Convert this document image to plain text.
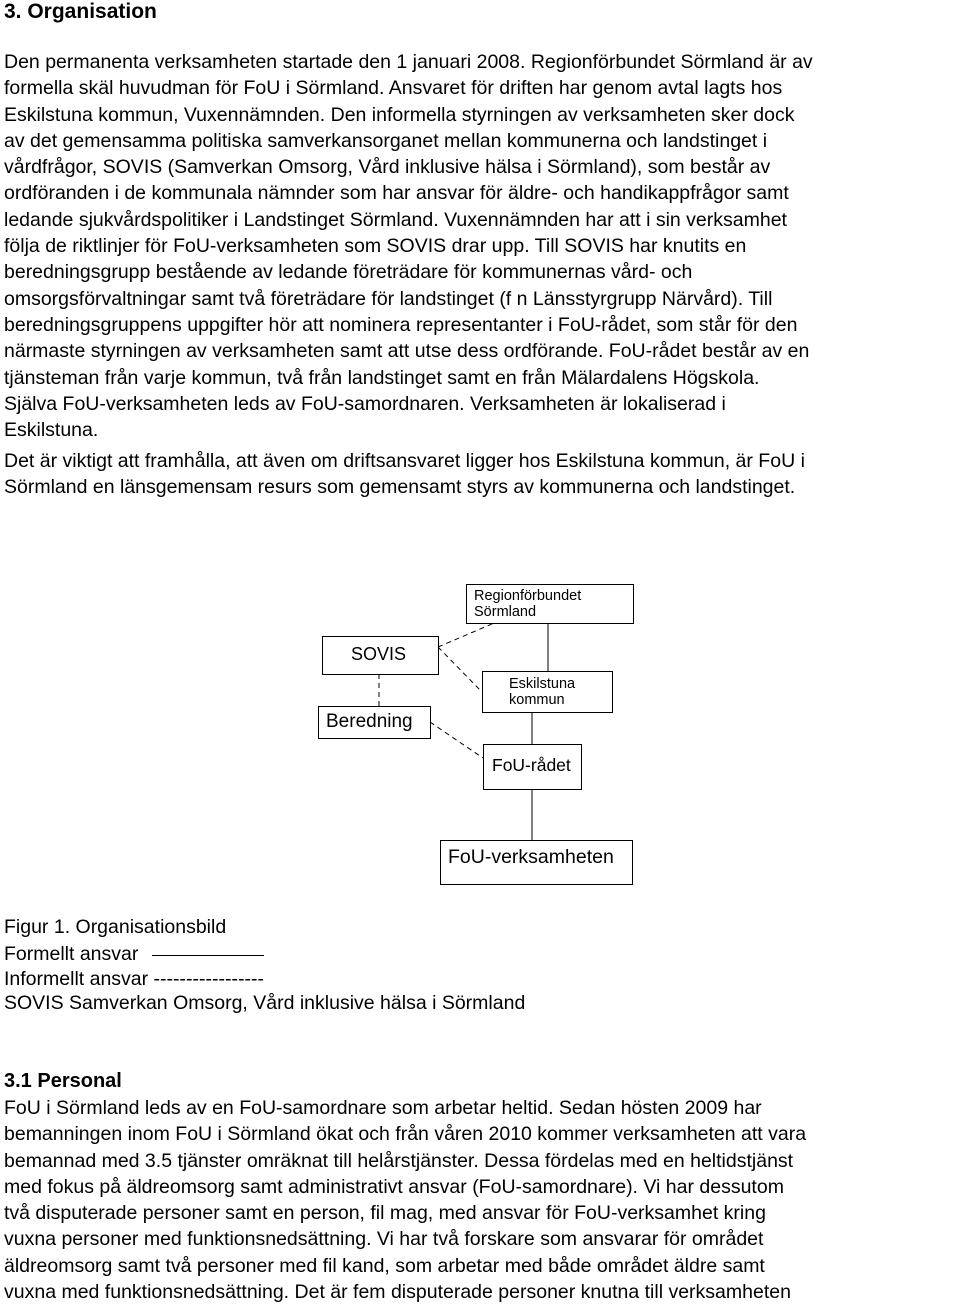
3. Organisation
Den permanenta verksamheten startade den 1 januari 2008. Regionförbundet Sörmland är av
formella skäl huvudman för FoU i Sörmland. Ansvaret för driften har genom avtal lagts hos
Eskilstuna kommun, Vuxennämnden. Den informella styrningen av verksamheten sker dock
av det gemensamma politiska samverkansorganet mellan kommunerna och landstinget i
vårdfrågor, SOVIS (Samverkan Omsorg, Vård inklusive hälsa i Sörmland), som består av
ordföranden i de kommunala nämnder som har ansvar för äldre- och handikappfrågor samt
ledande sjukvårdspolitiker i Landstinget Sörmland. Vuxennämnden har att i sin verksamhet
följa de riktlinjer för FoU-verksamheten som SOVIS drar upp. Till SOVIS har knutits en
beredningsgrupp bestående av ledande företrädare för kommunernas vård- och
omsorgsförvaltningar samt två företrädare för landstinget (f n Länsstyrgrupp Närvård). Till
beredningsgruppens uppgifter hör att nominera representanter i FoU-rådet, som står för den
närmaste styrningen av verksamheten samt att utse dess ordförande. FoU-rådet består av en
tjänsteman från varje kommun, två från landstinget samt en från Mälardalens Högskola.
Själva FoU-verksamheten leds av FoU-samordnaren. Verksamheten är lokaliserad i
Eskilstuna.
Det är viktigt att framhålla, att även om driftsansvaret ligger hos Eskilstuna kommun, är FoU i
Sörmland en länsgemensam resurs som gemensamt styrs av kommunerna och landstinget.
Regionförbundet
Sörmland
SOVIS
Eskilstuna
kommun
Beredning
FoU-rådet
FoU-verksamheten
Figur 1. Organisationsbild
Formellt ansvar
Informellt ansvar -----------------
SOVIS Samverkan Omsorg, Vård inklusive hälsa i Sörmland
3.1 Personal
FoU i Sörmland leds av en FoU-samordnare som arbetar heltid. Sedan hösten 2009 har
bemanningen inom FoU i Sörmland ökat och från våren 2010 kommer verksamheten att vara
bemannad med 3.5 tjänster omräknat till helårstjänster. Dessa fördelas med en heltidstjänst
med fokus på äldreomsorg samt administrativt ansvar (FoU-samordnare). Vi har dessutom
två disputerade personer samt en person, fil mag, med ansvar för FoU-verksamhet kring
vuxna personer med funktionsnedsättning. Vi har två forskare som ansvarar för området
äldreomsorg samt två personer med fil kand, som arbetar med både området äldre samt
vuxna med funktionsnedsättning. Det är fem disputerade personer knutna till verksamheten
